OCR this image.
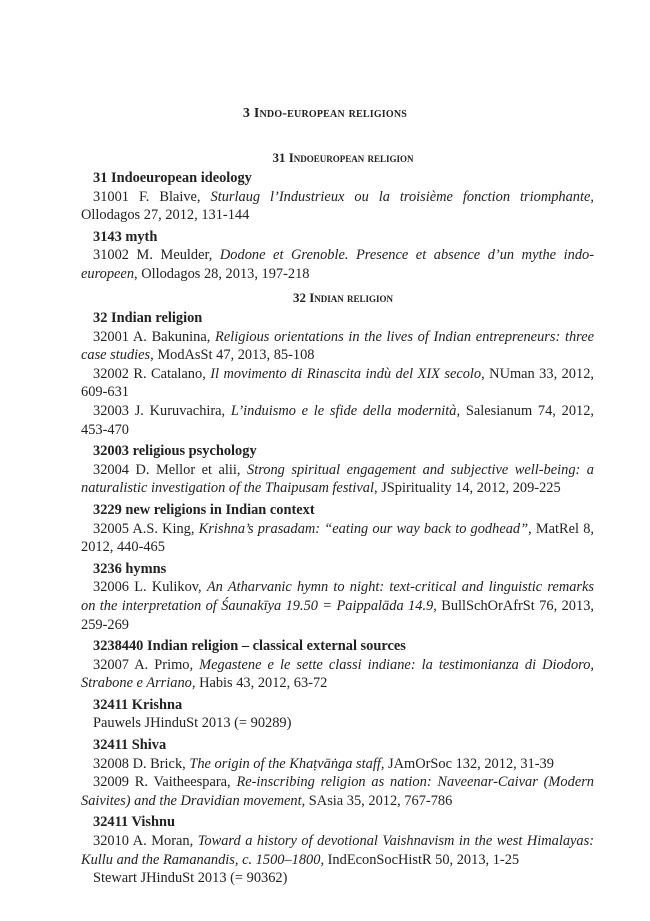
3 Indo-european religions
31 Indoeuropean religion
31 Indoeuropean ideology
31001 F. Blaive, Sturlaug l’Industrieux ou la troisième fonction triomphante, Ollodagos 27, 2012, 131-144
3143 myth
31002 M. Meulder, Dodone et Grenoble. Presence et absence d’un mythe indo-europeen, Ollodagos 28, 2013, 197-218
32 Indian religion
32 Indian religion
32001 A. Bakunina, Religious orientations in the lives of Indian entrepreneurs: three case studies, ModAsSt 47, 2013, 85-108
32002 R. Catalano, Il movimento di Rinascita indù del XIX secolo, NUman 33, 2012, 609-631
32003 J. Kuruvachira, L’induismo e le sfide della modernità, Salesianum 74, 2012, 453-470
32003 religious psychology
32004 D. Mellor et alii, Strong spiritual engagement and subjective well-being: a naturalistic investigation of the Thaipusam festival, JSpirituality 14, 2012, 209-225
3229 new religions in Indian context
32005 A.S. King, Krishna’s prasadam: “eating our way back to godhead”, MatRel 8, 2012, 440-465
3236 hymns
32006 L. Kulikov, An Atharvanic hymn to night: text-critical and linguistic remarks on the interpretation of Śaunakīya 19.50 = Paippalāda 14.9, BullSchOrAfrSt 76, 2013, 259-269
3238440 Indian religion – classical external sources
32007 A. Primo, Megastene e le sette classi indiane: la testimonianza di Diodoro, Strabone e Arriano, Habis 43, 2012, 63-72
32411 Krishna
Pauwels JHinduSt 2013 (= 90289)
32411 Shiva
32008 D. Brick, The origin of the Khaṭvāṅga staff, JAmOrSoc 132, 2012, 31-39
32009 R. Vaitheespara, Re-inscribing religion as nation: Naveenar-Caivar (Modern Saivites) and the Dravidian movement, SAsia 35, 2012, 767-786
32411 Vishnu
32010 A. Moran, Toward a history of devotional Vaishnavism in the west Himalayas: Kullu and the Ramanandis, c. 1500–1800, IndEconSocHistR 50, 2013, 1-25
Stewart JHinduSt 2013 (= 90362)
